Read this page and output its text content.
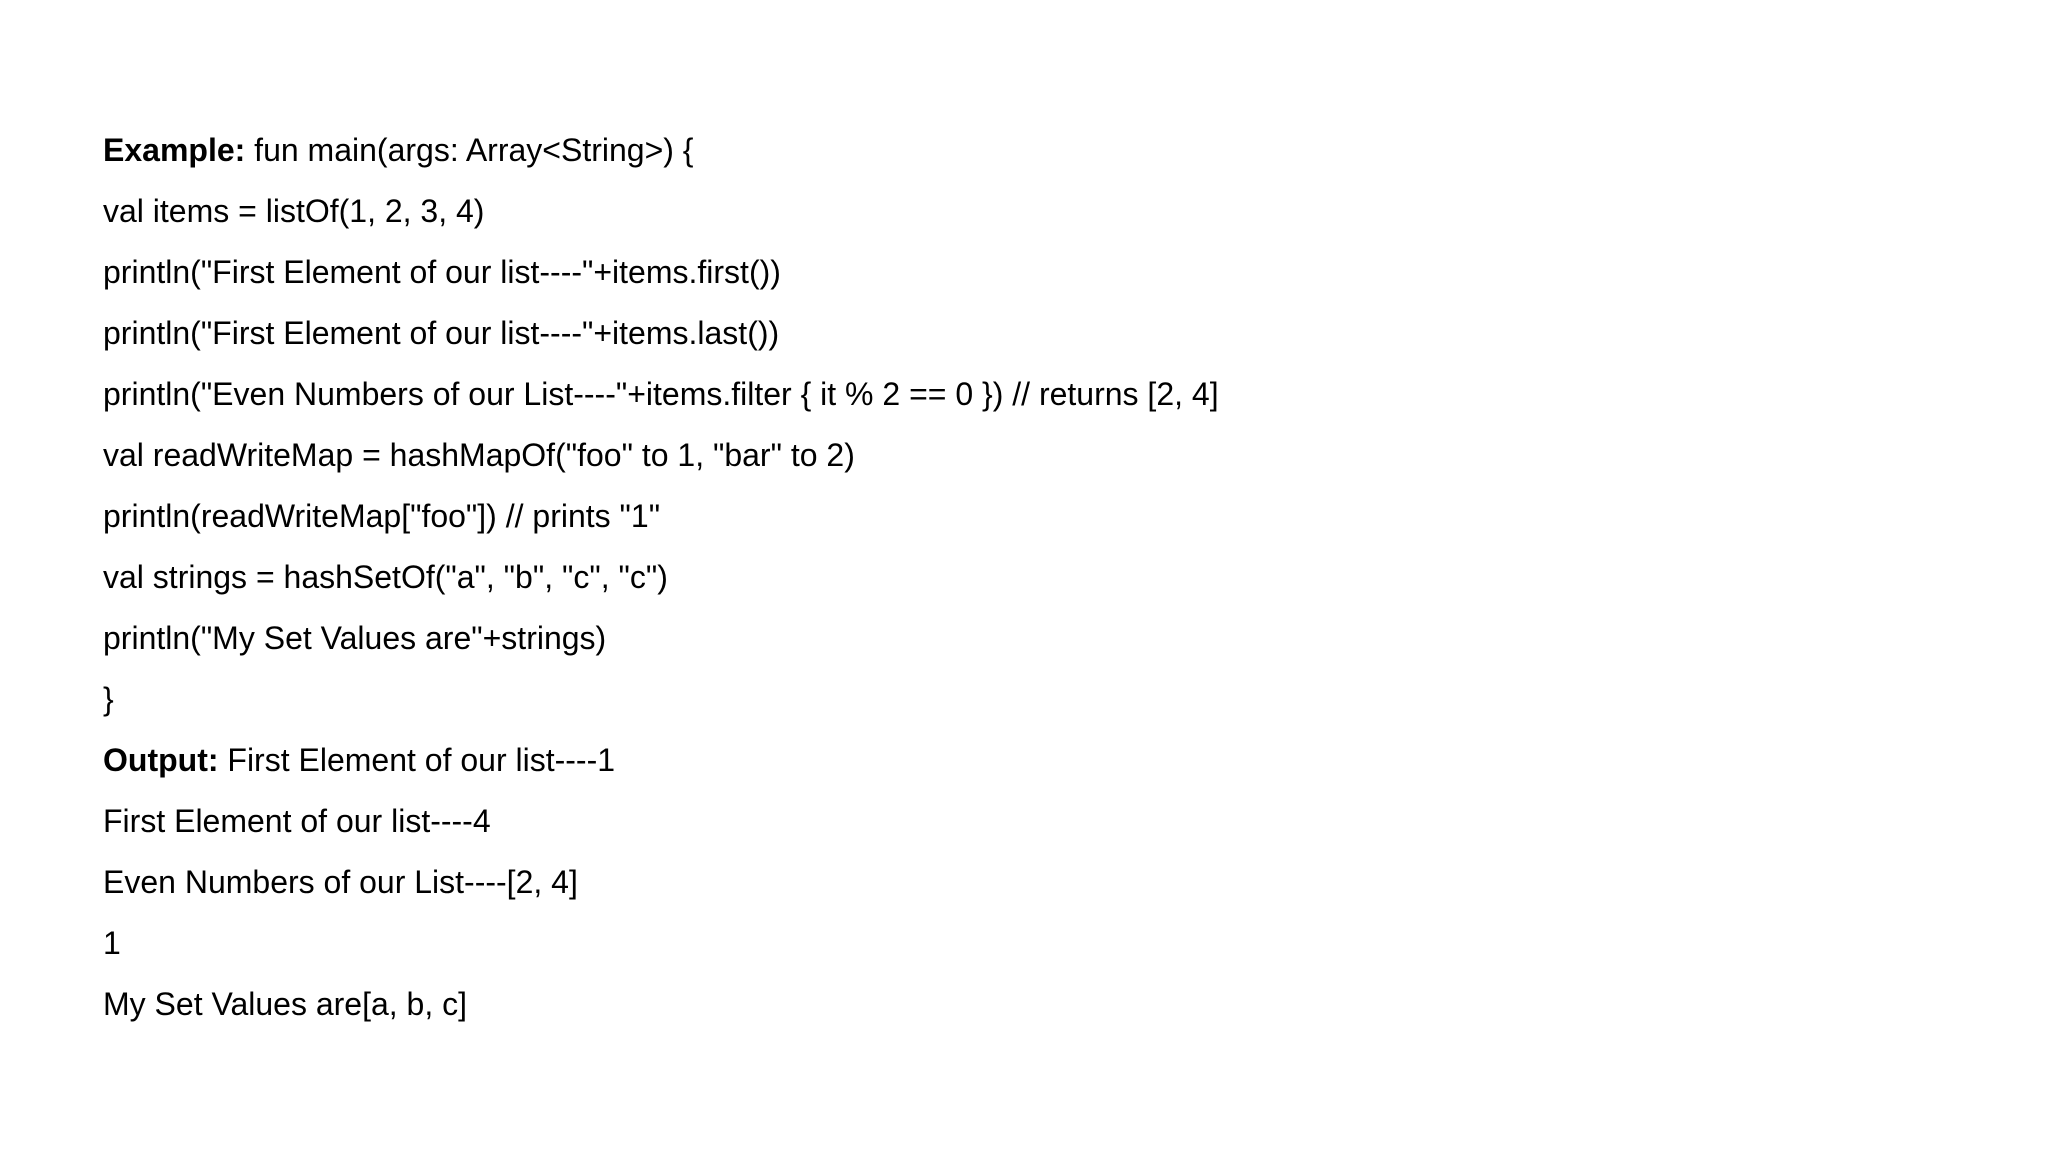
Example: fun main(args: Array<String>) {
val items = listOf(1, 2, 3, 4)
println("First Element of our list----"+items.first())
println("First Element of our list----"+items.last())
println("Even Numbers of our List----"+items.filter { it % 2 == 0 }) // returns [2, 4]
val readWriteMap = hashMapOf("foo" to 1, "bar" to 2)
println(readWriteMap["foo"]) // prints "1"
val strings = hashSetOf("a", "b", "c", "c")
println("My Set Values are"+strings)
}
Output: First Element of our list----1
First Element of our list----4
Even Numbers of our List----[2, 4]
1
My Set Values are[a, b, c]
